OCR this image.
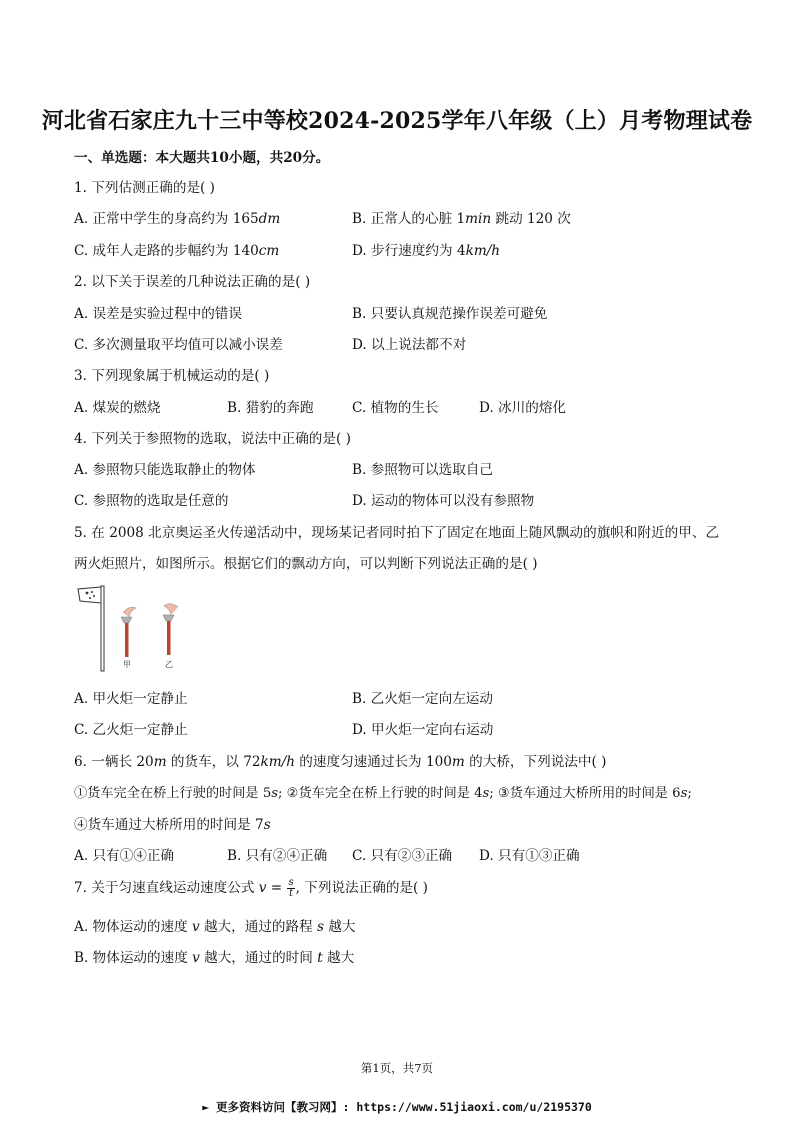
河北省石家庄九十三中等校2024-2025学年八年级（上）月考物理试卷
一、单选题：本大题共10小题，共20分。
1. 下列估测正确的是( )
A. 正常中学生的身高约为 165dm	B. 正常人的心脏 1min 跳动 120 次
C. 成年人走路的步幅约为 140cm	D. 步行速度约为 4km/h
2. 以下关于误差的几种说法正确的是( )
A. 误差是实验过程中的错误	B. 只要认真规范操作误差可避免
C. 多次测量取平均值可以减小误差	D. 以上说法都不对
3. 下列现象属于机械运动的是( )
A. 煤炭的燃烧	B. 猎豹的奔跑	C. 植物的生长	D. 冰川的熔化
4. 下列关于参照物的选取，说法中正确的是( )
A. 参照物只能选取静止的物体	B. 参照物可以选取自己
C. 参照物的选取是任意的	D. 运动的物体可以没有参照物
5. 在 2008 北京奥运圣火传递活动中，现场某记者同时拍下了固定在地面上随风飘动的旗帜和附近的甲、乙
两火炬照片，如图所示。根据它们的飘动方向，可以判断下列说法正确的是( )
甲	乙
A. 甲火炬一定静止	B. 乙火炬一定向左运动
C. 乙火炬一定静止	D. 甲火炬一定向右运动
6. 一辆长 20m 的货车，以 72km/h 的速度匀速通过长为 100m 的大桥，下列说法中( )
①货车完全在桥上行驶的时间是 5s; ②货车完全在桥上行驶的时间是 4s; ③货车通过大桥所用的时间是 6s;
④货车通过大桥所用的时间是 7s
A. 只有①④正确	B. 只有②④正确 C. 只有②③正确 D. 只有①③正确
7. 关于匀速直线运动速度公式 $v = \frac{s}{t}$ , 下列说法正确的是( )
A. 物体运动的速度 v 越大，通过的路程 s 越大
B. 物体运动的速度 v 越大，通过的时间 t 越大
第1页，共7页
► 更多资料访问【教习网】: https://www.51jiaoxi.com/u/2195370
